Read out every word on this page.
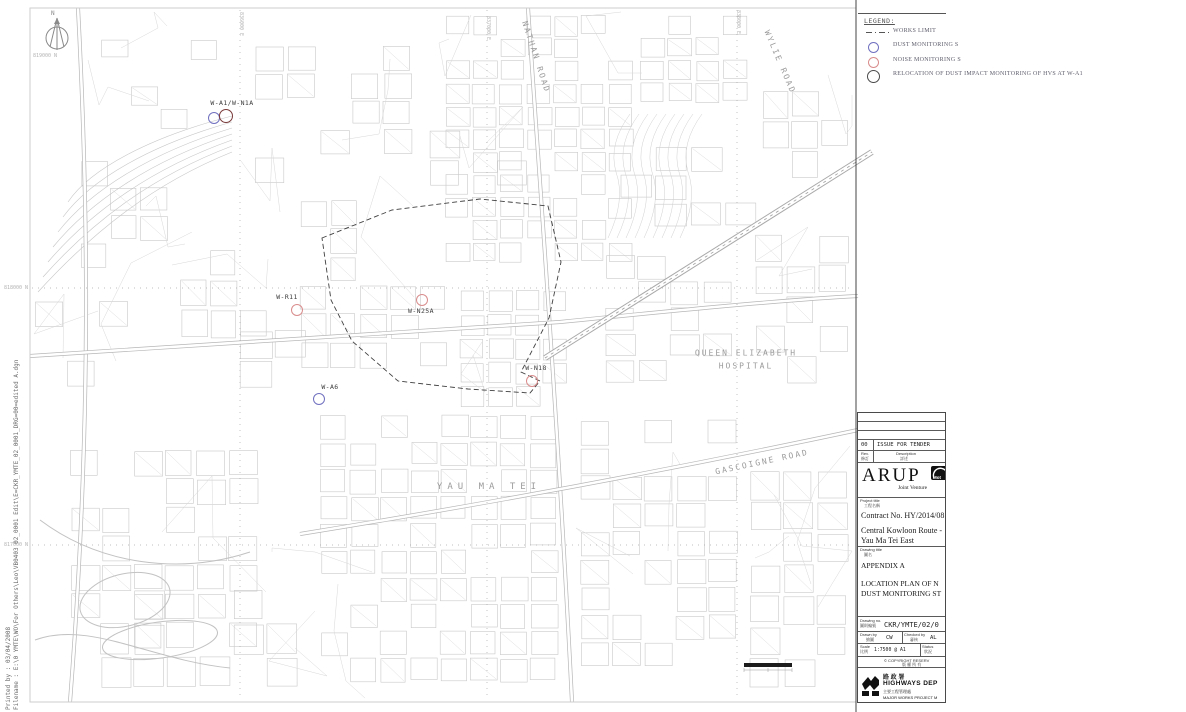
N
W-A1/W-N1A
W-R11
W-N25A
W-N18
W-A6
NATHAN ROAD	WYLIE ROAD
GASCOIGNE ROAD
YAU MA TEI
QUEEN ELIZABETH
HOSPITAL
819000 N
818000 N
817000 N
836000 E	837000 E	838000 E	LEGEND:
WORKS LIMIT
DUST MONITORING S
NOISE MONITORING S
RELOCATION OF DUST IMPACT MONITORING OF HVS AT W-A1
00 ISSUE FOR TENDER
Rev.
修訂
Description
詳述
ARUP	Mot
Joint Venture
Project title
工程名稱
Contract No. HY/2014/08
Central Kowloon Route -
Yau Ma Tei East
Drawing title
圖名
APPENDIX A
LOCATION PLAN OF N
DUST MONITORING ST
Drawing no.
圖則編號 CKR/YMTE/02/0
Drawn by
繪圖 CW
Checked by
審核 AL
Scale
比例 1:7500 @ A1
Status
狀況
© COPYRIGHT RESERV
版 權 所 有
路 政 署
HIGHWAYS DEP
主要工程管理處
MAJOR WORKS PROJECT M
Printed by : 03/04/2008 Filename : E:\0 YMTE\WO\For Others\Leo\VB0403 02_0001 Edit\E=CKR_YMTE_02_0001_DRG=00=edited A.dgn
